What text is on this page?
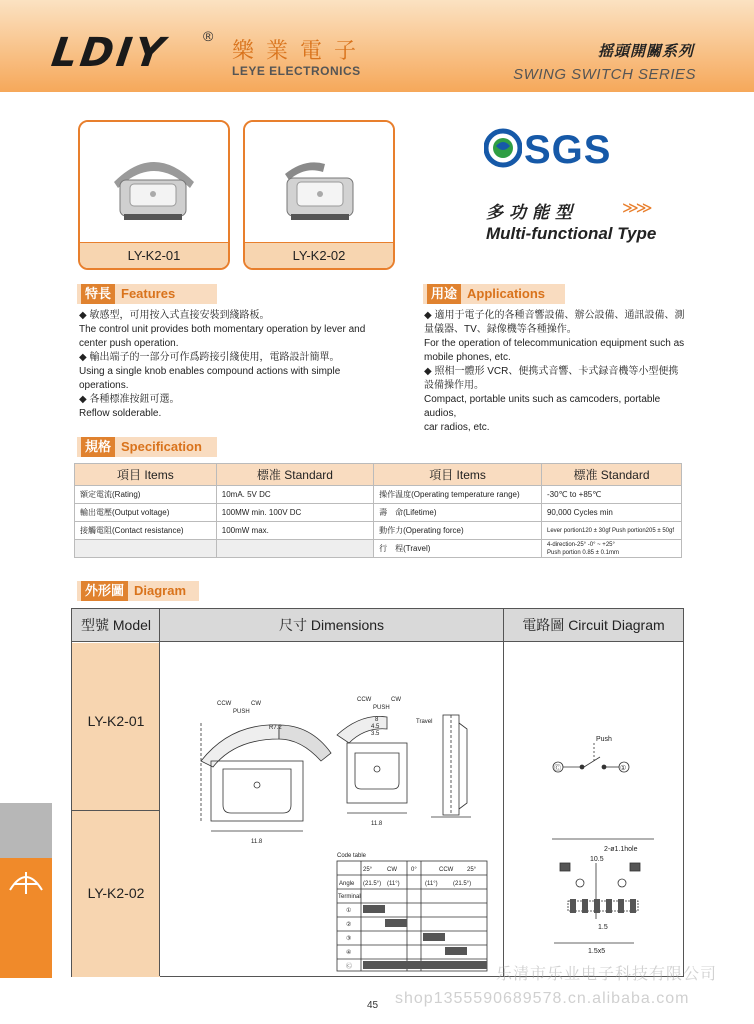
LDIY ®
樂業電子
LEYE ELECTRONICS
摇頭開關系列
SWING SWITCH SERIES
LY-K2-01	LY-K2-02
SGS
多功能型	≫≫
Multi-functional Type
特長 Features
◆ 敏感型，可用按入式直接安裝到綫路板。
The control unit provides both momentary operation by lever and
center push operation.
◆ 輸出端子的一部分可作爲跨接引綫使用，電路設計簡單。
Using a single knob enables compound actions with simple
operations.
◆ 各種標准按鈕可選。
Reflow solderable.
用途 Applications
◆ 適用于電子化的各種音響設備、辦公設備、通訊設備、測
量儀器、TV、録像機等各種操作。
For the operation of telecommunication equipment such as
mobile phones, etc.
◆ 照相一體形 VCR、便携式音響、卡式録音機等小型便携
設備操作用。
Compact, portable units such as camcoders, portable audios,
car radios, etc.
規格 Specification
項目 Items	標准 Standard	項目 Items	標准 Standard
額定電流(Rating)	10mA. 5V DC	操作温度(Operating temperature range)	-30℃ to +85℃
輸出電壓(Output voltage)	100MW min. 100V DC	壽　命(Lifetime)	90,000 Cycles min
接觸電阻(Contact resistance)	100mW max.	動作力(Operating force)	Lever portion120 ± 30gf Push portion205 ± 50gf
		行　程(Travel)	4-direction-25° -0° ~ +25°
Push portion 0.85 ± 0.1mm
外形圖 Diagram
型號 Model	尺寸 Dimensions	電路圖 Circuit Diagram
LY-K2-01
LY-K2-02
CCW	CW
PUSH
R7.2
11.8
CCW	CW
PUSH
8
4.5
3.5
Travel
11.8
Code table
25° CW 0°	CCW 25°
Angle (21.5°) (11°)	(11°)	(21.5°)
Terminal
①
②
③
④
Ⓒ
Push
Ⓒ	①
2-ø1.1hole
10.5
1.5
1.5x5
乐清市乐业电子科技有限公司
shop1355590689578.cn.alibaba.com
45
